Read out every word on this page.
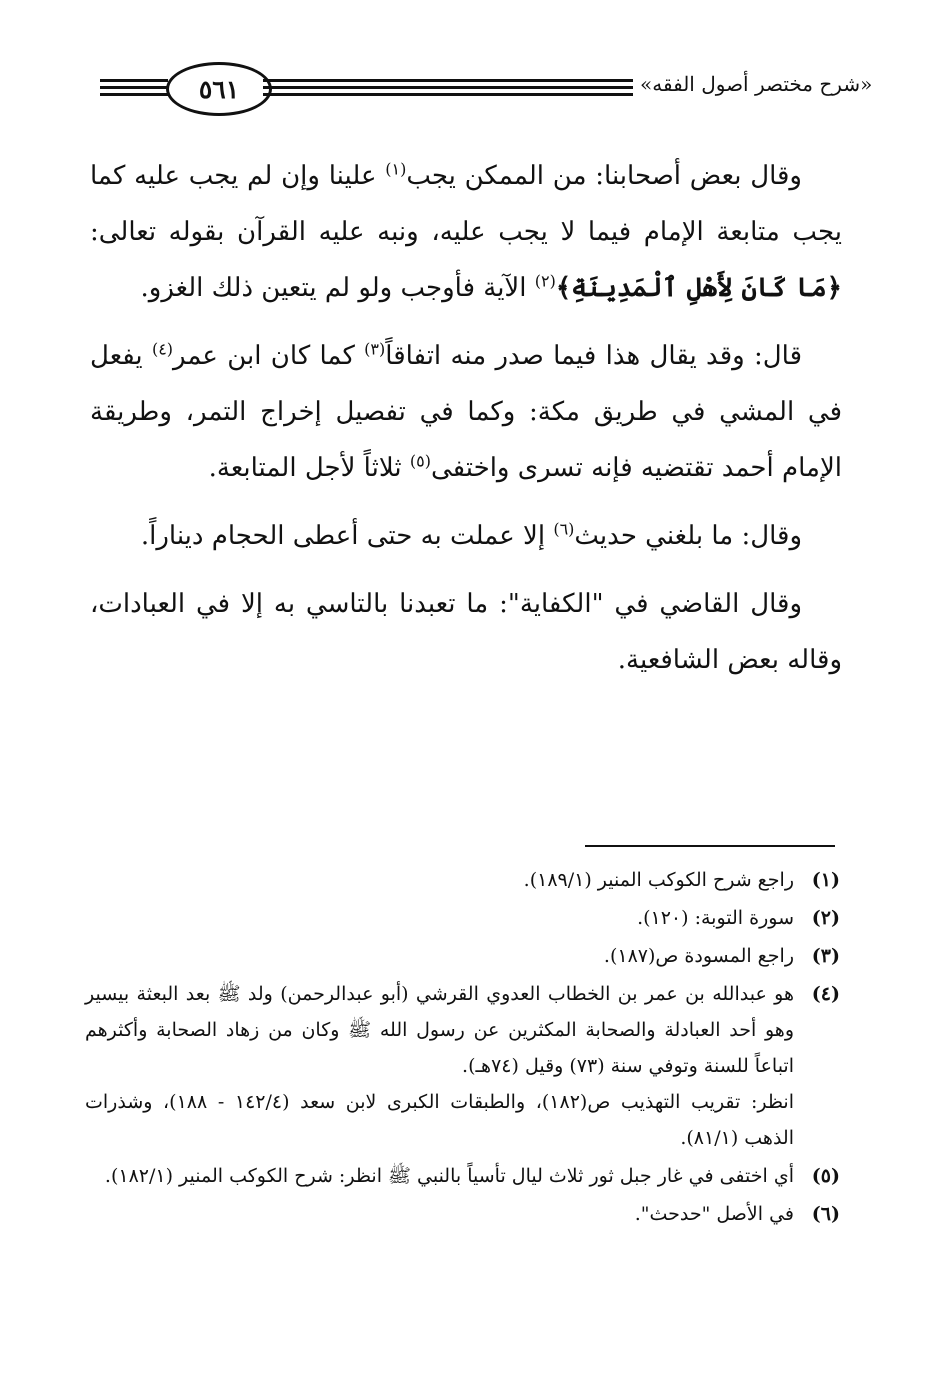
٥٦١	«شرح مختصر أصول الفقه»

وقال بعض أصحابنا: من الممكن يجب$^{(١)}$ علينا وإن لم يجب عليه كما يجب متابعة الإمام فيما لا يجب عليه، ونبه عليه القرآن بقوله تعالى: ﴿مَا كَانَ لِأَهْلِ ٱلْمَدِينَةِ﴾$^{(٢)}$ الآية فأوجب ولو لم يتعين ذلك الغزو.

قال: وقد يقال هذا فيما صدر منه اتفاقاً$^{(٣)}$ كما كان ابن عمر$^{(٤)}$ يفعل في المشي في طريق مكة: وكما في تفصيل إخراج التمر، وطريقة الإمام أحمد تقتضيه فإنه تسرى واختفى$^{(٥)}$ ثلاثاً لأجل المتابعة.

وقال: ما بلغني حديث$^{(٦)}$ إلا عملت به حتى أعطى الحجام ديناراً.

وقال القاضي في "الكفاية": ما تعبدنا بالتاسي به إلا في العبادات، وقاله بعض الشافعية.

(١)
راجع شرح الكوكب المنير (١٨٩/١).
(٢)
سورة التوبة: (١٢٠).
(٣)
راجع المسودة ص(١٨٧).
(٤)
هو عبدالله بن عمر بن الخطاب العدوي القرشي (أبو عبدالرحمن) ولد ﷺ بعد البعثة بيسير وهو أحد العبادلة والصحابة المكثرين عن رسول الله ﷺ وكان من زهاد الصحابة وأكثرهم اتباعاً للسنة وتوفي سنة (٧٣) وقيل (٧٤هـ).
انظر: تقريب التهذيب ص(١٨٢)، والطبقات الكبرى لابن سعد (١٤٢/٤ - ١٨٨)، وشذرات الذهب (٨١/١).
(٥)
أي اختفى في غار جبل ثور ثلاث ليال تأسياً بالنبي ﷺ انظر: شرح الكوكب المنير (١٨٢/١).
(٦)
في الأصل "حدحث".
